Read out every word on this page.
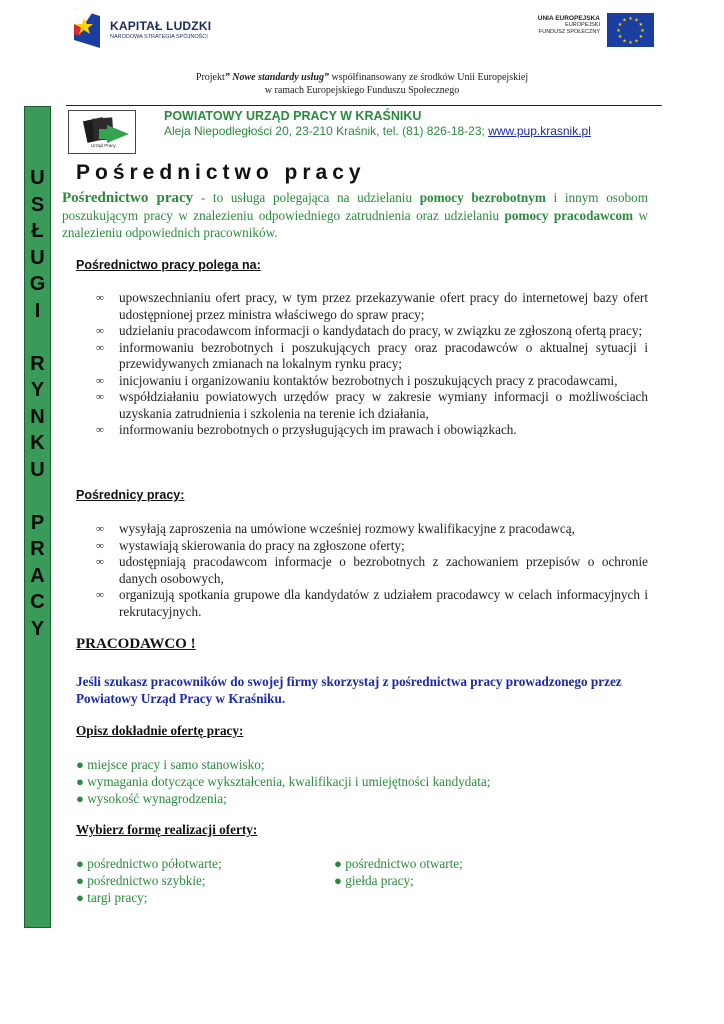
KAPITAŁ LUDZKI
NARODOWA STRATEGIA SPÓJNOŚCI
UNIA EUROPEJSKA
EUROPEJSKI
FUNDUSZ SPOŁECZNY
★ ★
★
★
★
★
★
★
★
★
★
★
Projekt” Nowe standardy usług” współfinansowany ze środków Unii Europejskiej
w ramach Europejskiego Funduszu Społecznego
U
S
Ł
U
G
I
R
Y
N
K
U
P
R
A
C
Y
Urząd Pracy
POWIATOWY URZĄD PRACY W KRAŚNIKU
Aleja Niepodległości 20, 23-210 Kraśnik, tel. (81) 826-18-23; www.pup.krasnik.pl
Pośrednictwo pracy
Pośrednictwo pracy - to usługa polegająca na udzielaniu pomocy bezrobotnym i innym osobom poszukującym pracy w znalezieniu odpowiedniego zatrudnienia oraz udzielaniu pomocy pracodawcom w znalezieniu odpowiednich pracowników.
Pośrednictwo pracy polega na:
∞ upowszechnianiu ofert pracy, w tym przez przekazywanie ofert pracy do internetowej bazy ofert udostępnionej przez ministra właściwego do spraw pracy;
∞ udzielaniu pracodawcom informacji o kandydatach do pracy, w związku ze zgłoszoną ofertą pracy;
∞ informowaniu bezrobotnych i poszukujących pracy oraz pracodawców o aktualnej sytuacji i przewidywanych zmianach na lokalnym rynku pracy;
∞ inicjowaniu i organizowaniu kontaktów bezrobotnych i poszukujących pracy z pracodawcami,
∞ współdziałaniu powiatowych urzędów pracy w zakresie wymiany informacji o możliwościach uzyskania zatrudnienia i szkolenia na terenie ich działania,
∞ informowaniu bezrobotnych o przysługujących im prawach i obowiązkach.
Pośrednicy pracy:
∞ wysyłają zaproszenia na umówione wcześniej rozmowy kwalifikacyjne z pracodawcą,
∞ wystawiają skierowania do pracy na zgłoszone oferty;
∞ udostępniają pracodawcom informacje o bezrobotnych z zachowaniem przepisów o ochronie danych osobowych,
∞ organizują spotkania grupowe dla kandydatów z udziałem pracodawcy w celach informacyjnych i rekrutacyjnych.
PRACODAWCO !
Jeśli szukasz pracowników do swojej firmy skorzystaj z pośrednictwa pracy prowadzonego przez Powiatowy Urząd Pracy w Kraśniku.
Opisz dokładnie ofertę pracy:
● miejsce pracy i samo stanowisko;
● wymagania dotyczące wykształcenia, kwalifikacji i umiejętności kandydata;
● wysokość wynagrodzenia;
Wybierz formę realizacji oferty:
● pośrednictwo półotwarte;
● pośrednictwo szybkie;
● targi pracy;
● pośrednictwo otwarte;
● giełda pracy;
